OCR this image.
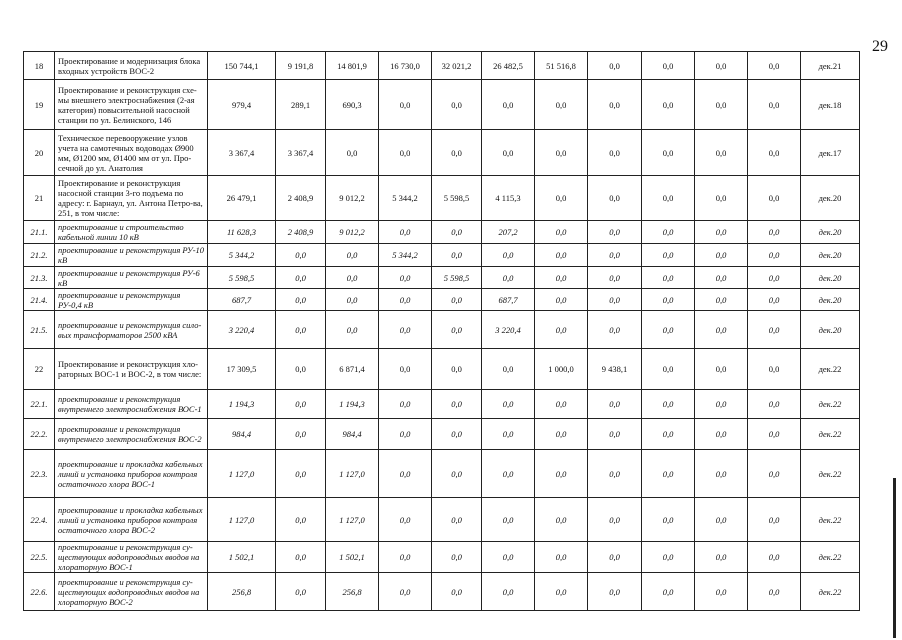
29
18	Проектирование и модернизация блока входных устройств ВОС-2	150 744,1	9 191,8	14 801,9	16 730,0	32 021,2	26 482,5	51 516,8	0,0	0,0	0,0	0,0	дек.21
19	Проектирование и реконструкция схе-мы внешнего электроснабжения (2-ая категория) повысительной насосной станции по ул. Белинского, 146	979,4	289,1	690,3	0,0	0,0	0,0	0,0	0,0	0,0	0,0	0,0	дек.18
20	Техническое перевооружение узлов учета на самотечных водоводах Ø900 мм, Ø1200 мм, Ø1400 мм от ул. Про-сечной до ул. Анатолия	3 367,4	3 367,4	0,0	0,0	0,0	0,0	0,0	0,0	0,0	0,0	0,0	дек.17
21	Проектирование и реконструкция насосной станции 3-го подъема по адресу: г. Барнаул, ул. Антона Петро-ва, 251, в том числе:	26 479,1	2 408,9	9 012,2	5 344,2	5 598,5	4 115,3	0,0	0,0	0,0	0,0	0,0	дек.20
21.1.	проектирование и строительство кабельной линии 10 кВ	11 628,3	2 408,9	9 012,2	0,0	0,0	207,2	0,0	0,0	0,0	0,0	0,0	дек.20
21.2.	проектирование и реконструкция РУ-10 кВ	5 344,2	0,0	0,0	5 344,2	0,0	0,0	0,0	0,0	0,0	0,0	0,0	дек.20
21.3.	проектирование и реконструкция РУ-6 кВ	5 598,5	0,0	0,0	0,0	5 598,5	0,0	0,0	0,0	0,0	0,0	0,0	дек.20
21.4.	проектирование и реконструкция РУ-0,4 кВ	687,7	0,0	0,0	0,0	0,0	687,7	0,0	0,0	0,0	0,0	0,0	дек.20
21.5.	проектирование и реконструкция сило-вых трансформаторов 2500 кВА	3 220,4	0,0	0,0	0,0	0,0	3 220,4	0,0	0,0	0,0	0,0	0,0	дек.20
22	Проектирование и реконструкция хло-раторных ВОС-1 и ВОС-2, в том числе:	17 309,5	0,0	6 871,4	0,0	0,0	0,0	1 000,0	9 438,1	0,0	0,0	0,0	дек.22
22.1.	проектирование и реконструкция внутреннего электроснабжения ВОС-1	1 194,3	0,0	1 194,3	0,0	0,0	0,0	0,0	0,0	0,0	0,0	0,0	дек.22
22.2.	проектирование и реконструкция внутреннего электроснабжения ВОС-2	984,4	0,0	984,4	0,0	0,0	0,0	0,0	0,0	0,0	0,0	0,0	дек.22
22.3.	проектирование и прокладка кабельных линий и установка приборов контроля остаточного хлора ВОС-1	1 127,0	0,0	1 127,0	0,0	0,0	0,0	0,0	0,0	0,0	0,0	0,0	дек.22
22.4.	проектирование и прокладка кабельных линий и установка приборов контроля остаточного хлора ВОС-2	1 127,0	0,0	1 127,0	0,0	0,0	0,0	0,0	0,0	0,0	0,0	0,0	дек.22
22.5.	проектирование и реконструкция су-ществующих водопроводных вводов на хлораторную ВОС-1	1 502,1	0,0	1 502,1	0,0	0,0	0,0	0,0	0,0	0,0	0,0	0,0	дек.22
22.6.	проектирование и реконструкция су-ществующих водопроводных вводов на хлораторную ВОС-2	256,8	0,0	256,8	0,0	0,0	0,0	0,0	0,0	0,0	0,0	0,0	дек.22
